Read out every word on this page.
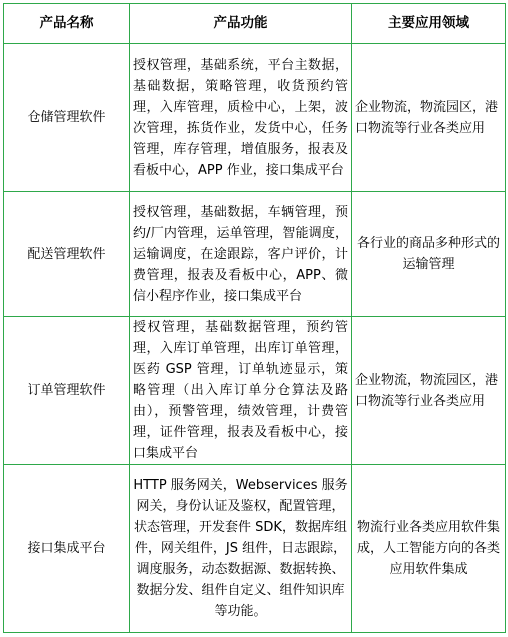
产品名称	产品功能	主要应用领域
仓储管理软件	授权管理，基础系统，平台主数据，基础数据，策略管理，收货预约管理，入库管理，质检中心，上架，波次管理，拣货作业，发货中心，任务管理，库存管理，增值服务，报表及看板中心，APP 作业，接口集成平台	企业物流，物流园区，港口物流等行业各类应用
配送管理软件	授权管理，基础数据，车辆管理，预约/厂内管理，运单管理，智能调度，运输调度，在途跟踪，客户评价，计费管理，报表及看板中心，APP、微信小程序作业，接口集成平台	各行业的商品多种形式的运输管理
订单管理软件	授权管理，基础数据管理，预约管理，入库订单管理，出库订单管理，医药 GSP 管理，订单轨迹显示，策略管理（出入库订单分仓算法及路由），预警管理，绩效管理，计费管理，证件管理，报表及看板中心，接口集成平台	企业物流，物流园区，港口物流等行业各类应用
接口集成平台	HTTP 服务网关，Webservices 服务网关，身份认证及鉴权，配置管理，状态管理，开发套件 SDK，数据库组件，网关组件，JS 组件，日志跟踪，调度服务，动态数据源、数据转换、数据分发、组件自定义、组件知识库等功能。	物流行业各类应用软件集成，人工智能方向的各类应用软件集成
